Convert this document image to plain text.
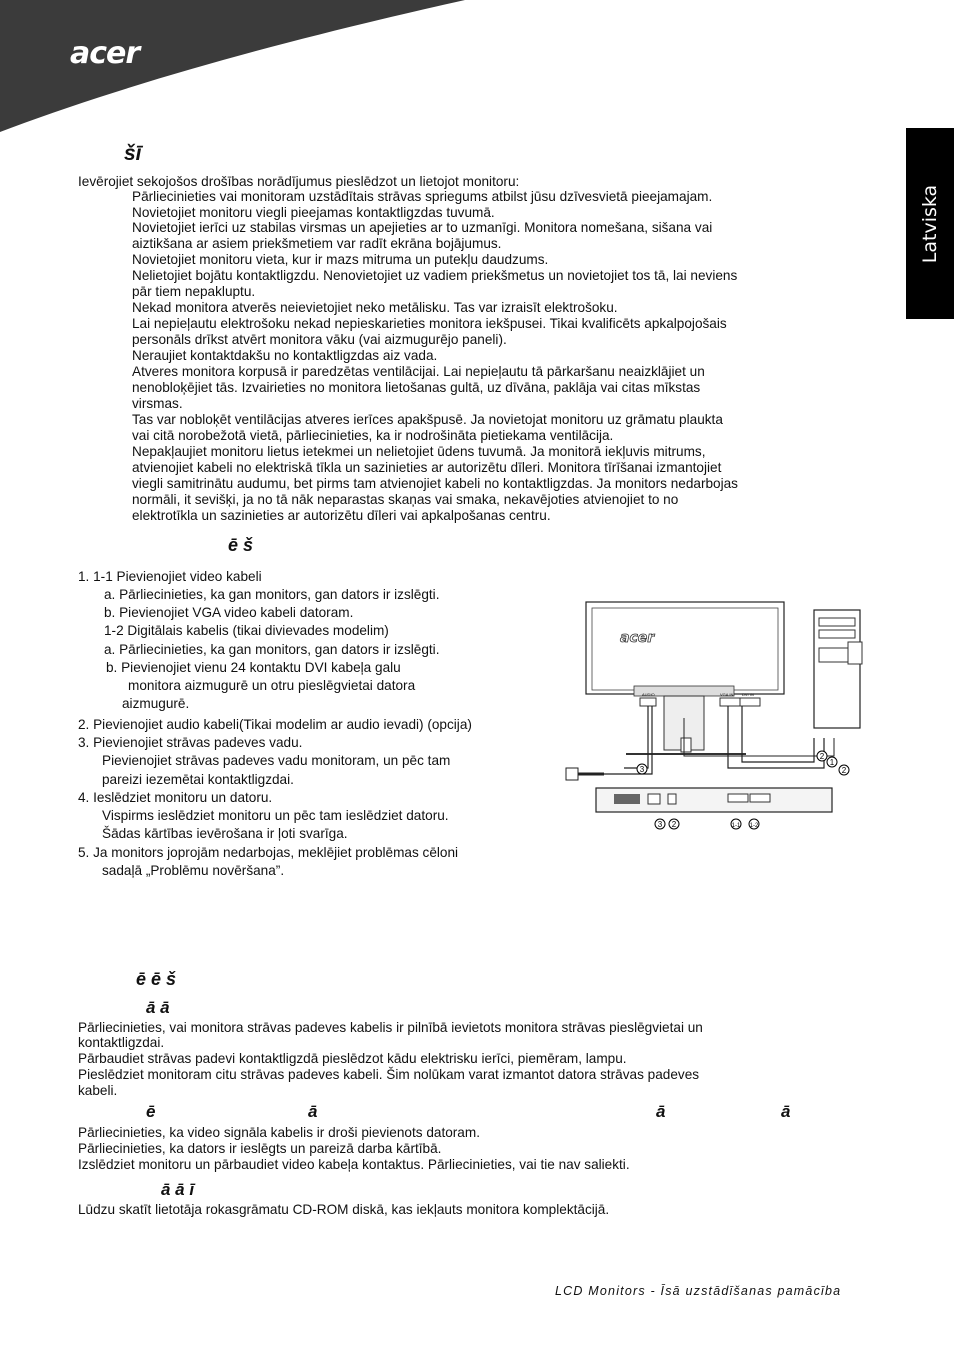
acer
Latviska
šī
Ievērojiet sekojošos drošības norādījumus pieslēdzot un lietojot monitoru:
Pārliecinieties vai monitoram uzstādītais strāvas spriegums atbilst jūsu dzīvesvietā pieejamajam.
Novietojiet monitoru viegli pieejamas kontaktligzdas tuvumā.
Novietojiet ierīci uz stabilas virsmas un apejieties ar to uzmanīgi. Monitora nomešana, sišana vai
aiztikšana ar asiem priekšmetiem var radīt ekrāna bojājumus.
Novietojiet monitoru vieta, kur ir mazs mitruma un putekļu daudzums.
Nelietojiet bojātu kontaktligzdu. Nenovietojiet uz vadiem priekšmetus un novietojiet tos tā, lai neviens
pār tiem nepakluptu.
Nekad monitora atverēs neievietojiet neko metālisku. Tas var izraisīt elektrošoku.
Lai nepieļautu elektrošoku nekad nepieskarieties monitora iekšpusei. Tikai kvalificēts apkalpojošais
personāls drīkst atvērt monitora vāku (vai aizmugurējo paneli).
Neraujiet kontaktdakšu no kontaktligzdas aiz vada.
Atveres monitora korpusā ir paredzētas ventilācijai. Lai nepieļautu tā pārkaršanu neaizklājiet un
nenobloķējiet tās. Izvairieties no monitora lietošanas gultā, uz dīvāna, paklāja vai citas mīkstas
virsmas.
Tas var nobloķēt ventilācijas atveres ierīces apakšpusē. Ja novietojat monitoru uz grāmatu plaukta
vai citā norobežotā vietā, pārliecinieties, ka ir nodrošināta pietiekama ventilācija.
Nepakļaujiet monitoru lietus ietekmei un nelietojiet ūdens tuvumā. Ja monitorā iekļuvis mitrums,
atvienojiet kabeli no elektriskā tīkla un sazinieties ar autorizētu dīleri. Monitora tīrīšanai izmantojiet
viegli samitrinātu audumu, bet pirms tam atvienojiet kabeli no kontaktligzdas. Ja monitors nedarbojas
normāli, it sevišķi, ja no tā nāk neparastas skaņas vai smaka, nekavējoties atvienojiet to no
elektrotīkla un sazinieties ar autorizētu dīleri vai apkalpošanas centru.
ē š
1. 1-1 Pievienojiet video kabeli
a. Pārliecinieties, ka gan monitors, gan dators ir izslēgti.
b. Pievienojiet VGA video kabeli datoram.
1-2 Digitālais kabelis (tikai divievades modelim)
a. Pārliecinieties, ka gan monitors, gan dators ir izslēgti.
b. Pievienojiet vienu 24 kontaktu DVI kabeļa galu
monitora aizmugurē un otru pieslēgvietai datora
aizmugurē.
2. Pievienojiet audio kabeli(Tikai modelim ar audio ievadi) (opcija)
3. Pievienojiet strāvas padeves vadu.
Pievienojiet strāvas padeves vadu monitoram, un pēc tam
pareizi iezemētai kontaktligzdai.
4. Ieslēdziet monitoru un datoru.
Vispirms ieslēdziet monitoru un pēc tam ieslēdziet datoru.
Šādas kārtības ievērošana ir ļoti svarīga.
5. Ja monitors joprojām nedarbojas, meklējiet problēmas cēloni
sadaļā „Problēmu novēršana”.
acer
3
3 2	1-1 1-2
2
1
2
AUDIO	VGA IN DVI IN
ē ē š
ā ā
Pārliecinieties, vai monitora strāvas padeves kabelis ir pilnībā ievietots monitora strāvas pieslēgvietai un
kontaktligzdai.
Pārbaudiet strāvas padevi kontaktligzdā pieslēdzot kādu elektrisku ierīci, piemēram, lampu.
Pieslēdziet monitoram citu strāvas padeves kabeli. Šim nolūkam varat izmantot datora strāvas padeves
kabeli.
ē	ā	ā	ā
Pārliecinieties, ka video signāla kabelis ir droši pievienots datoram.
Pārliecinieties, ka dators ir ieslēgts un pareizā darba kārtībā.
Izslēdziet monitoru un pārbaudiet video kabeļa kontaktus. Pārliecinieties, vai tie nav saliekti.
ā ā ī
Lūdzu skatīt lietotāja rokasgrāmatu CD-ROM diskā, kas iekļauts monitora komplektācijā.
LCD Monitors - Īsā uzstādīšanas pamācība
